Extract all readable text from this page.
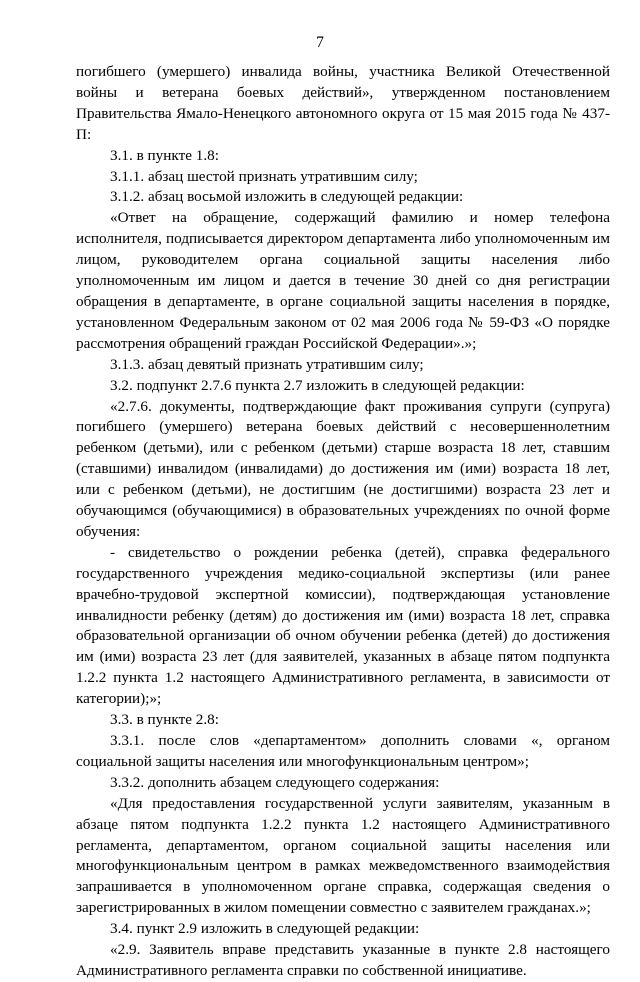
7

погибшего (умершего) инвалида войны, участника Великой Отечественной войны и ветерана боевых действий», утвержденном постановлением Правительства Ямало-Ненецкого автономного округа от 15 мая 2015 года № 437-П:

3.1. в пункте 1.8:

3.1.1. абзац шестой признать утратившим силу;

3.1.2. абзац восьмой изложить в следующей редакции:

«Ответ на обращение, содержащий фамилию и номер телефона исполнителя, подписывается директором департамента либо уполномоченным им лицом, руководителем органа социальной защиты населения либо уполномоченным им лицом и дается в течение 30 дней со дня регистрации обращения в департаменте, в органе социальной защиты населения в порядке, установленном Федеральным законом от 02 мая 2006 года № 59-ФЗ «О порядке рассмотрения обращений граждан Российской Федерации».»;

3.1.3. абзац девятый признать утратившим силу;

3.2. подпункт 2.7.6 пункта 2.7 изложить в следующей редакции:

«2.7.6. документы, подтверждающие факт проживания супруги (супруга) погибшего (умершего) ветерана боевых действий с несовершеннолетним ребенком (детьми), или с ребенком (детьми) старше возраста 18 лет, ставшим (ставшими) инвалидом (инвалидами) до достижения им (ими) возраста 18 лет, или с ребенком (детьми), не достигшим (не достигшими) возраста 23 лет и обучающимся (обучающимися) в образовательных учреждениях по очной форме обучения:

- свидетельство о рождении ребенка (детей), справка федерального государственного учреждения медико-социальной экспертизы (или ранее врачебно-трудовой экспертной комиссии), подтверждающая установление инвалидности ребенку (детям) до достижения им (ими) возраста 18 лет, справка образовательной организации об очном обучении ребенка (детей) до достижения им (ими) возраста 23 лет (для заявителей, указанных в абзаце пятом подпункта 1.2.2 пункта 1.2 настоящего Административного регламента, в зависимости от категории);»;

3.3. в пункте 2.8:

3.3.1. после слов «департаментом» дополнить словами «, органом социальной защиты населения или многофункциональным центром»;

3.3.2. дополнить абзацем следующего содержания:

«Для предоставления государственной услуги заявителям, указанным в абзаце пятом подпункта 1.2.2 пункта 1.2 настоящего Административного регламента, департаментом, органом социальной защиты населения или многофункциональным центром в рамках межведомственного взаимодействия запрашивается в уполномоченном органе справка, содержащая сведения о зарегистрированных в жилом помещении совместно с заявителем гражданах.»;

3.4. пункт 2.9 изложить в следующей редакции:

«2.9. Заявитель вправе представить указанные в пункте 2.8 настоящего Административного регламента справки по собственной инициативе.
